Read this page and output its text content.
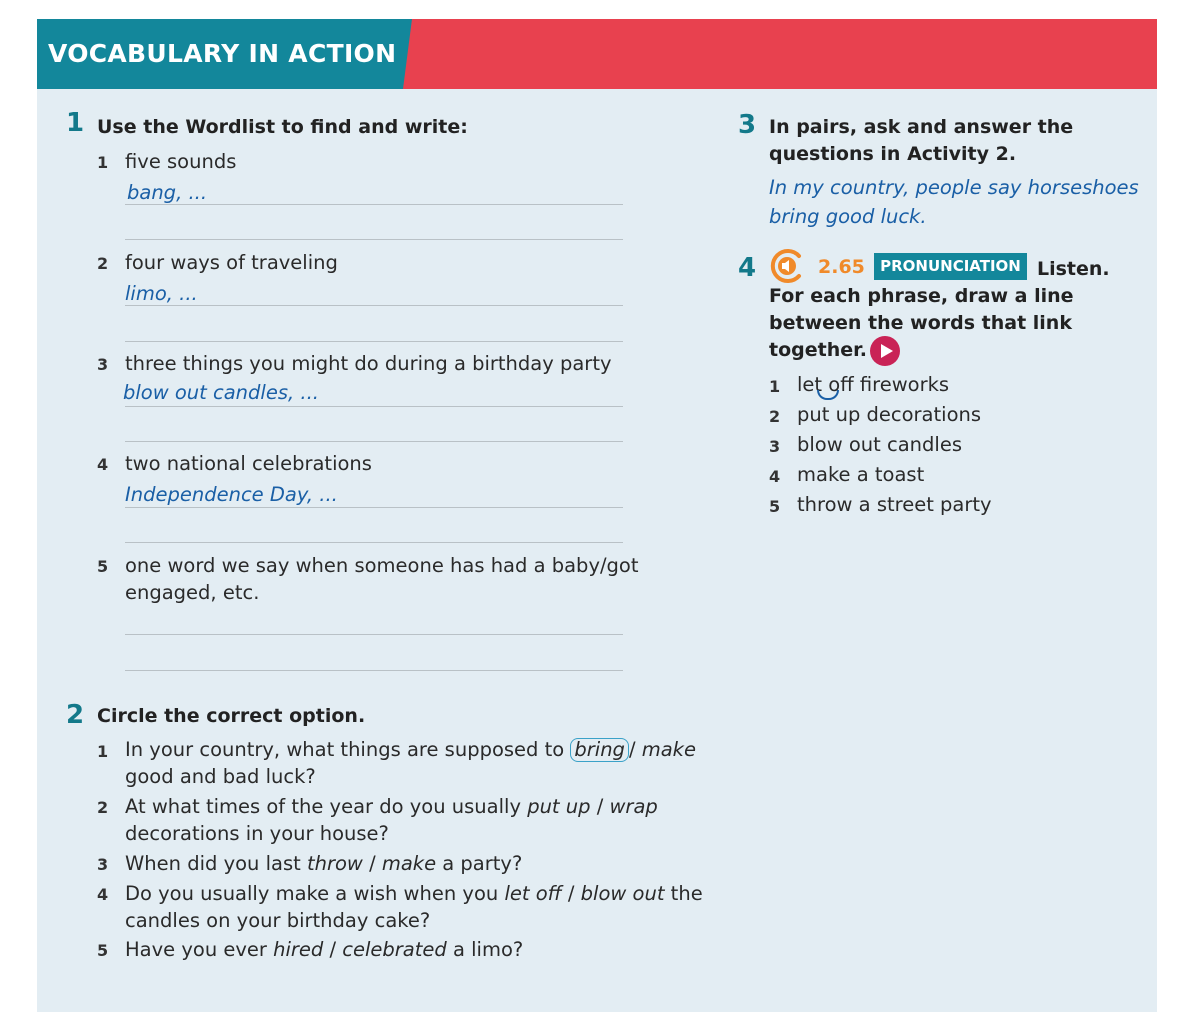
VOCABULARY IN ACTION
1 Use the Wordlist to find and write:
1 five sounds
bang, ...
2 four ways of traveling
limo, ...
3 three things you might do during a birthday party
blow out candles, ...
4 two national celebrations
Independence Day, ...
5 one word we say when someone has had a baby/got
engaged, etc.
2 Circle the correct option.
1 In your country, what things are supposed to bring / make
good and bad luck?
2 At what times of the year do you usually put up / wrap
decorations in your house?
3 When did you last throw / make a party?
4 Do you usually make a wish when you let off / blow out the
candles on your birthday cake?
5 Have you ever hired / celebrated a limo?
3 In pairs, ask and answer the
questions in Activity 2.
In my country, people say horseshoes
bring good luck.
4	2.65	PRONUNCIATION Listen.
For each phrase, draw a line
between the words that link
together.
1 let off fireworks
2 put up decorations
3 blow out candles
4 make a toast
5 throw a street party
